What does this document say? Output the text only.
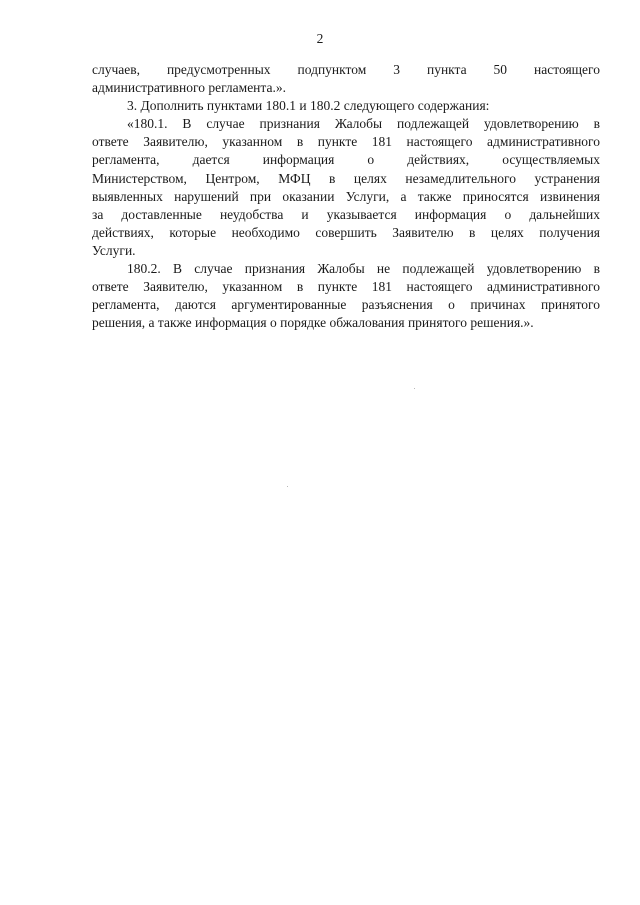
2

случаев, предусмотренных подпунктом 3 пункта 50 настоящего
административного регламента.».

3. Дополнить пунктами 180.1 и 180.2 следующего содержания:

«180.1. В случае признания Жалобы подлежащей удовлетворению в
ответе Заявителю, указанном в пункте 181 настоящего административного
регламента, дается информация о действиях, осуществляемых
Министерством, Центром, МФЦ в целях незамедлительного устранения
выявленных нарушений при оказании Услуги, а также приносятся извинения
за доставленные неудобства и указывается информация о дальнейших
действиях, которые необходимо совершить Заявителю в целях получения
Услуги.

180.2. В случае признания Жалобы не подлежащей удовлетворению в
ответе Заявителю, указанном в пункте 181 настоящего административного
регламента, даются аргументированные разъяснения о причинах принятого
решения, а также информация о порядке обжалования принятого решения.».
